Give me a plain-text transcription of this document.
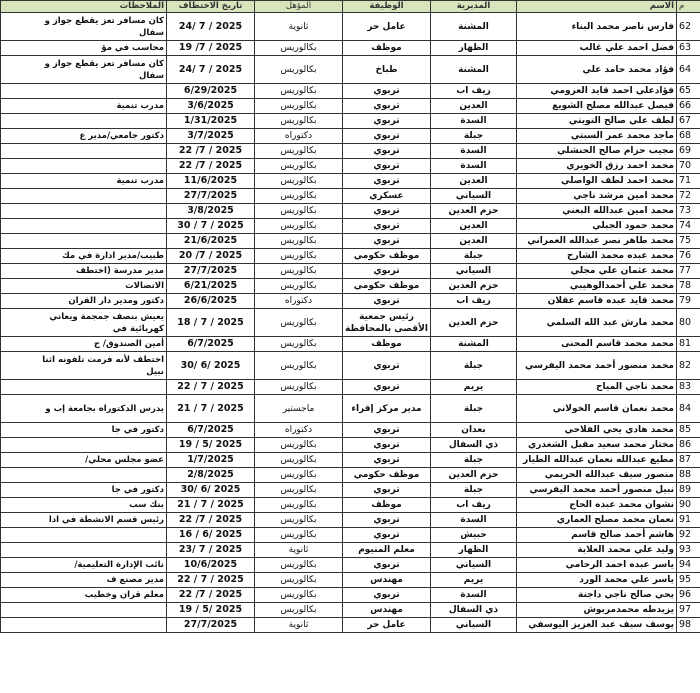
م	الاسم	المديرية	الوظيفة	المؤهل	تاريخ الاختطاف	الملاحظات
62	فارس ناصر محمد البناء	المشنة	عامل حر	ثانوية	24/ 7 / 2025	كان مسافر تعز يقطع جواز و
سفال

63	فضل احمد علي غالب	الظهار	موظف	بكالوريس	19 /7 / 2025	محاسب في مؤ

64	فؤاد محمد حامد علي	المشنة	طباخ	بكالوريس	24/ 7 / 2025	كان مسافر تعز يقطع جواز و
سفال

65	فؤادعلي احمد قايد العرومي	ريف اب	تربوي	بكالوريس	6/29/2025	
66	فيصل عبدالله مصلح الشويع	العدين	تربوي	بكالوريس	3/6/2025	مدرب تنمية

67	لطف علي صالح التويتي	السدة	تربوي	بكالوريس	1/31/2025	
68	ماجد محمد عمر السبتي	جبلة	تربوي	دكتوراه	3/7/2025	دكتور جامعي/مدير ع

69	مجيب حزام صالح الحنشلي	السدة	تربوي	بكالوريس	22 /7 / 2025	
70	محمد احمد رزق الخويري	السدة	تربوي	بكالوريس	22 /7 / 2025	
71	محمد احمد لطف الواصلي	العدين	تربوي	بكالوريس	11/6/2025	مدرب تنمية

72	محمد امين مرشد ناجي	السياني	عسكري	بكالوريس	27/7/2025	
73	محمد امين عبدالله البعني	حزم العدين	تربوي	بكالوريس	3/8/2025	
74	محمد حمود الجبلي	العدين	تربوي	بكالوريس	30 / 7 / 2025	
75	محمد طاهر نصر عبدالله العمراني	العدين	تربوي	بكالوريس	21/6/2025	
76	محمد عبده محمد الشارح	جبلة	موظف حكومي	بكالوريس	20 /7 / 2025	طبيب/مدير ادارة في مك

77	محمد عثمان علي مجلي	السياني	تربوي	بكالوريس	27/7/2025	مدير مدرسة (اختطف

78	محمد علي أحمدالوهيبي	حزم العدين	موظف حكومي	بكالوريس	6/21/2025	الاتصالات

79	محمد قايد عبده قاسم عقلان	ريف اب	تربوي	دكتوراه	26/6/2025	دكتور ومدير دار القران

80	محمد مارش عبد الله السلمي	حزم العدين	رئيس جمعية الأقصى بالمحافظة	بكالوريس	18 / 7 / 2025	يعيش بنصف جمجمة ويعاني
كهربائية في

81	محمد محمد قاسم المحنى	المشنة	موظف	بكالوريس	6/7/2025	أمين الصندوق/ ج

82	محمد منصور أحمد محمد اليفرسي	جبلة	تربوي	بكالوريس	30/ 6/ 2025	اختطف لأنه فرمت تلفونه اثنا
نبيل

83	محمد ناجي المياح	يريم	تربوي	بكالوريس	22 / 7 / 2025	
84	محمد نعمان قاسم الخولاني	جبلة	مدير مركز إقراء	ماجستير	21 / 7 / 2025	يدرس الدكتوراه بجامعة إب و

85	محمد هادي يحي الفلاحي	بعدان	تربوي	دكتوراه	6/7/2025	دكتور في جا

86	مختار محمد سعيد مقبل الشغدري	ذي السفال	تربوي	بكالوريس	19 / 5/ 2025	
87	مطيع عبدالله نعمان عبدالله الطيار	جبلة	تربوي	بكالوريس	1/7/2025	عضو مجلس محلي/

88	منصور سيف عبدالله الحريمي	حزم العدين	موظف حكومي	بكالوريس	2/8/2025	
89	نبيل منصور أحمد محمد اليفرسي	جبلة	تربوي	بكالوريس	30/ 6/ 2025	دكتور في جا

90	نشوان محمد عبده الحاج	ريف اب	موظف	بكالوريس	21 / 7 / 2025	بنك سب

91	نعمان محمد مصلح العماري	السدة	تربوي	بكالوريس	22 /7 / 2025	رئيس قسم الانشطة في ادا

92	هاشم أحمد صالح قاسم	حبيش	تربوي	بكالوريس	16 / 6/ 2025	
93	وليد علي محمد العلاية	الظهار	معلم المنيوم	ثانوية	23/ 7 / 2025	
94	ياسر عبده احمد الرحامي	السياني	تربوي	بكالوريس	10/6/2025	نائب الإدارة التعليمية/

95	ياسر علي محمد الورد	يريم	مهندس	بكالوريس	22 / 7 / 2025	مدير مصنع ف

96	يحي صالح ناجي داجنة	السدة	تربوي	بكالوريس	22 /7 / 2025	معلم قران وخطيب

97	يزيدطه محمدمربوش	ذي السفال	مهندس	بكالوريس	19 / 5/ 2025	
98	يوسف سيف عبد العزيز اليوسفي	السياني	عامل حر	ثانوية	27/7/2025	
